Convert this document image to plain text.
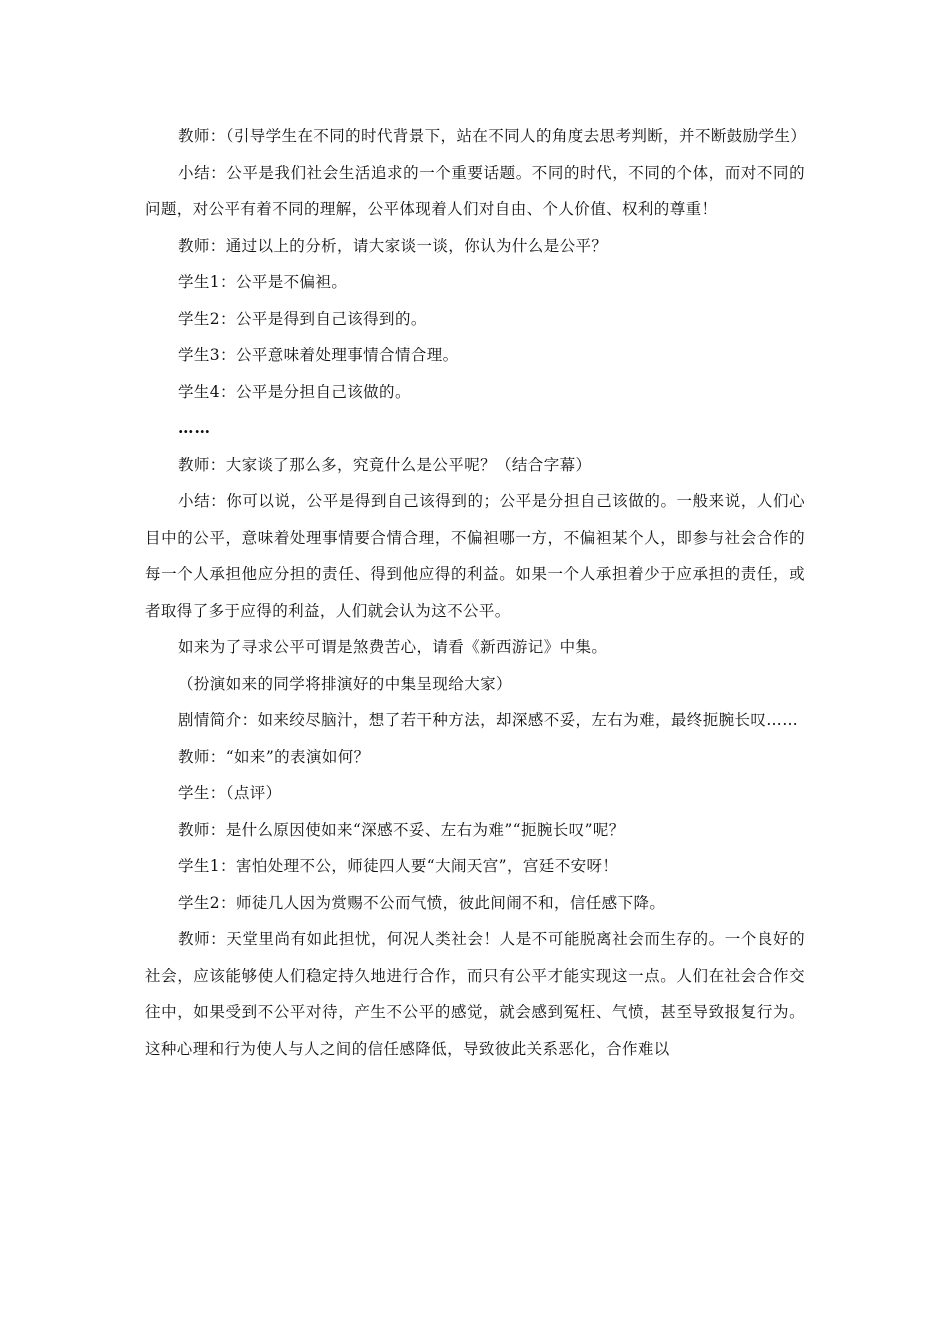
教师：（引导学生在不同的时代背景下，站在不同人的角度去思考判断，并不断鼓励学生）

小结：公平是我们社会生活追求的一个重要话题。不同的时代，不同的个体，而对不同的问题，对公平有着不同的理解，公平体现着人们对自由、个人价值、权利的尊重！

教师：通过以上的分析，请大家谈一谈，你认为什么是公平？

学生1：公平是不偏袒。

学生2：公平是得到自己该得到的。

学生3：公平意味着处理事情合情合理。

学生4：公平是分担自己该做的。

……

教师：大家谈了那么多，究竟什么是公平呢？（结合字幕）

小结：你可以说，公平是得到自己该得到的；公平是分担自己该做的。一般来说，人们心目中的公平，意味着处理事情要合情合理，不偏袒哪一方，不偏袒某个人，即参与社会合作的每一个人承担他应分担的责任、得到他应得的利益。如果一个人承担着少于应承担的责任，或者取得了多于应得的利益，人们就会认为这不公平。

如来为了寻求公平可谓是煞费苦心，请看《新西游记》中集。

（扮演如来的同学将排演好的中集呈现给大家）

剧情简介：如来绞尽脑汁，想了若干种方法，却深感不妥，左右为难，最终扼腕长叹……

教师：“如来”的表演如何？

学生：（点评）

教师：是什么原因使如来“深感不妥、左右为难”“扼腕长叹”呢？

学生1：害怕处理不公，师徒四人要“大闹天宫”，宫廷不安呀！

学生2：师徒几人因为赏赐不公而气愤，彼此间闹不和，信任感下降。

教师：天堂里尚有如此担忧，何况人类社会！人是不可能脱离社会而生存的。一个良好的社会，应该能够使人们稳定持久地进行合作，而只有公平才能实现这一点。人们在社会合作交往中，如果受到不公平对待，产生不公平的感觉，就会感到冤枉、气愤，甚至导致报复行为。这种心理和行为使人与人之间的信任感降低，导致彼此关系恶化，合作难以
